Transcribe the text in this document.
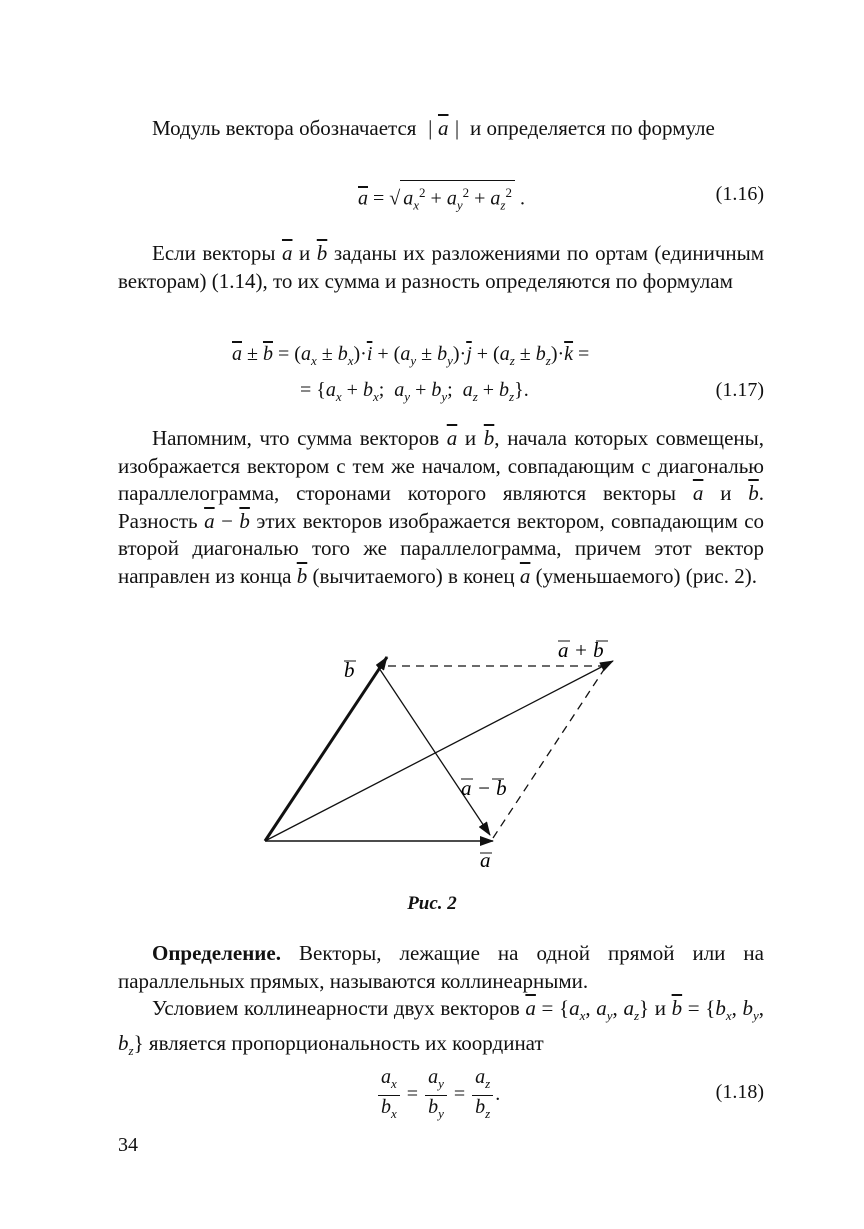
Модуль вектора обозначается  | $\overline{a}$ |  и определяется по формуле

$\overline{a}$ = √ $a_x^2 + a_y^2 + a_z^2$ .	(1.16)

Если векторы $\overline{a}$ и $\overline{b}$ заданы их разложениями по ортам (единичным векторам) (1.14), то их сумма и разность определяются по формулам

$\overline{a} \pm \overline{b} = (a_x \pm b_x)\cdot\overline{i} + (a_y \pm b_y)\cdot\overline{j} + (a_z \pm b_z)\cdot\overline{k}$ =
= {$a_x + b_x$;  $a_y + b_y$;  $a_z + b_z$}.	(1.17)

Напомним, что сумма векторов $\overline{a}$ и $\overline{b}$, начала которых совмещены, изображается вектором с тем же началом, совпадающим с диагональю параллелограмма, сторонами которого являются векторы $\overline{a}$ и $\overline{b}$. Разность $\overline{a} - \overline{b}$ этих векторов изображается вектором, совпадающим со второй диагональю того же параллелограмма, причем этот вектор направлен из конца $\overline{b}$ (вычитаемого) в конец $\overline{a}$ (уменьшаемого) (рис. 2).

b
a + b
a − b
a
Рис. 2

Определение. Векторы, лежащие на одной прямой или на параллельных прямых, называются коллинеарными.

Условием коллинеарности двух векторов $\overline{a} = \{a_x$, $a_y$, $a_z$} и $\overline{b} = \{b_x$, $b_y$, $b_z$} является пропорциональность их координат

$\frac{a_x}{b_x} = \frac{a_y}{b_y} = \frac{a_z}{b_z}$ .	(1.18)
34
